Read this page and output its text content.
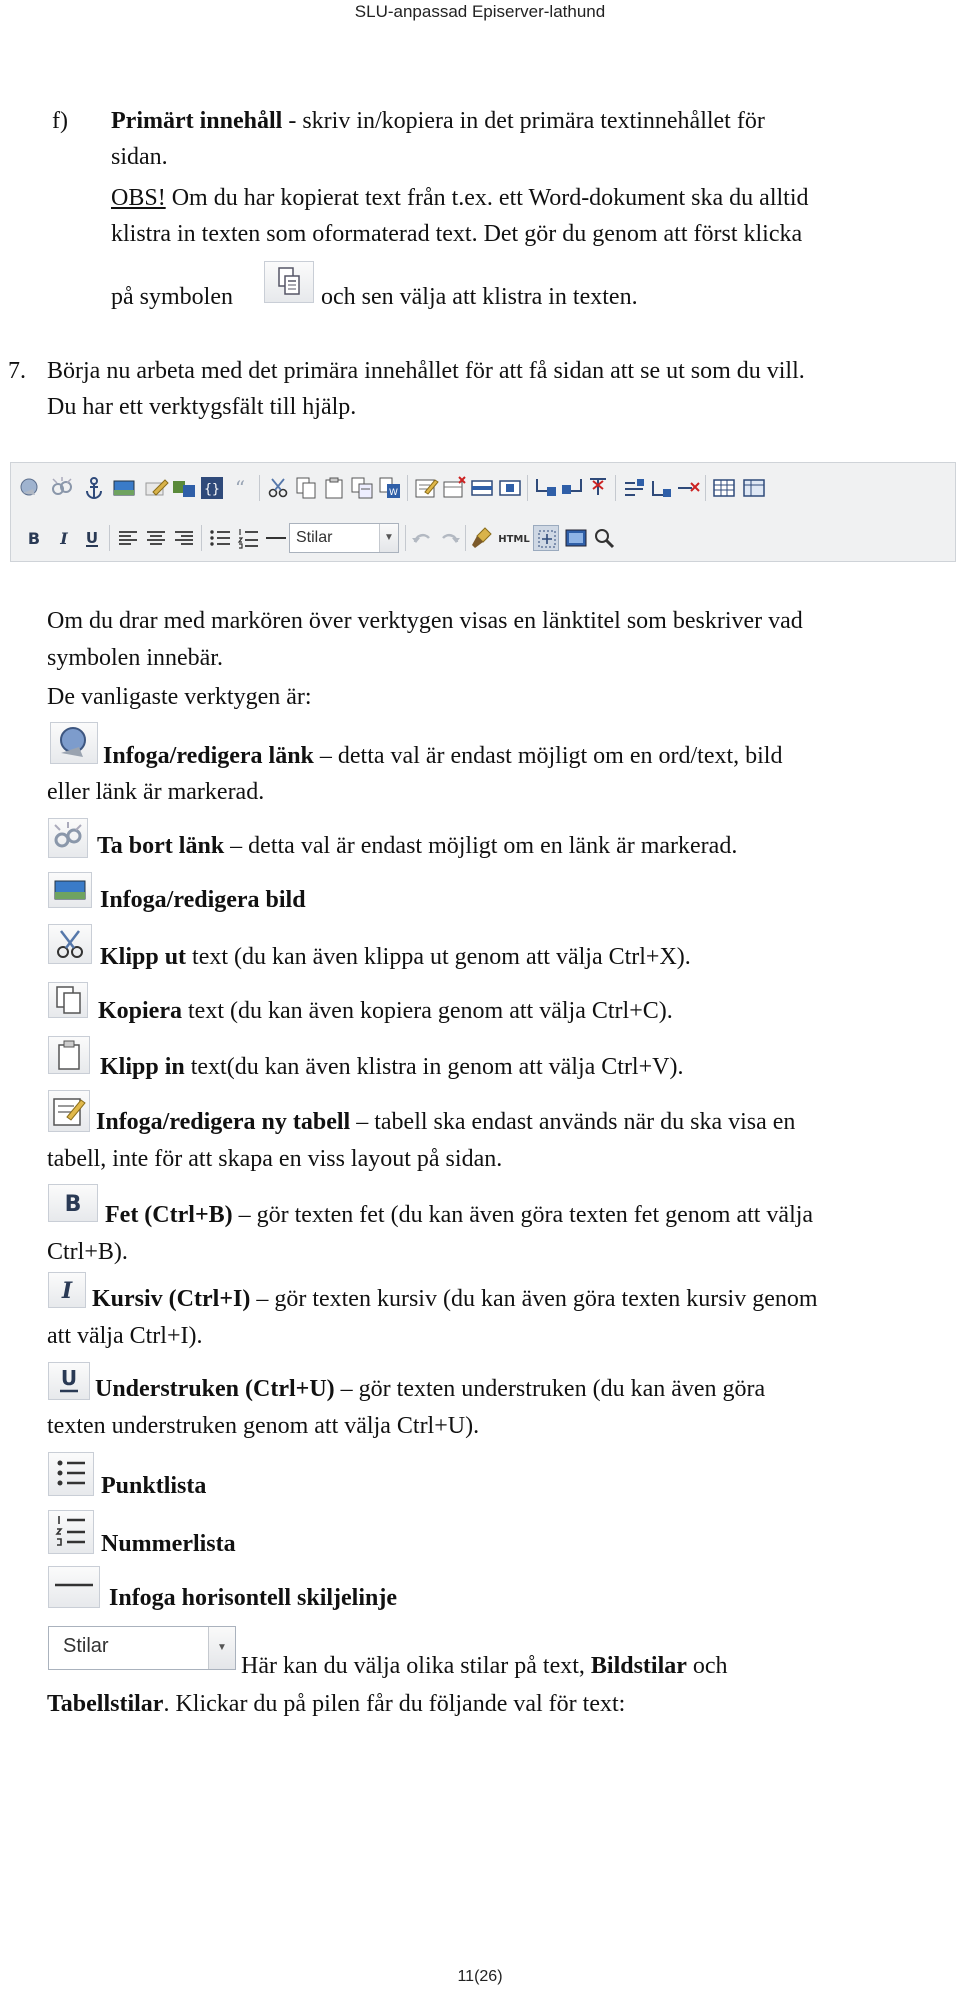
SLU-anpassad Episerver-lathund
f) Primärt innehåll - skriv in/kopiera in det primära textinnehållet för
sidan.
OBS! Om du har kopierat text från t.ex. ett Word-dokument ska du alltid
klistra in texten som oformaterad text. Det gör du genom att först klicka
på symbolen	och sen välja att klistra in texten.
7. Börja nu arbeta med det primära innehållet för att få sidan att se ut som du vill.
Du har ett verktygsfält till hjälp.
{} “	W
B I U	Stilar	▼	HTML
Om du drar med markören över verktygen visas en länktitel som beskriver vad
symbolen innebär.
De vanligaste verktygen är:
Infoga/redigera länk – detta val är endast möjligt om en ord/text, bild
eller länk är markerad.
Ta bort länk – detta val är endast möjligt om en länk är markerad.
Infoga/redigera bild
Klipp ut text (du kan även klippa ut genom att välja Ctrl+X).
Kopiera text (du kan även kopiera genom att välja Ctrl+C).
Klipp in text(du kan även klistra in genom att välja Ctrl+V).
Infoga/redigera ny tabell – tabell ska endast används när du ska visa en
tabell, inte för att skapa en viss layout på sidan.
B Fet (Ctrl+B) – gör texten fet (du kan även göra texten fet genom att välja
Ctrl+B).
I Kursiv (Ctrl+I) – gör texten kursiv (du kan även göra texten kursiv genom
att välja Ctrl+I).
U Understruken (Ctrl+U) – gör texten understruken (du kan även göra
texten understruken genom att välja Ctrl+U).
Punktlista
Nummerlista
Infoga horisontell skiljelinje
Stilar	▼
Här kan du välja olika stilar på text, Bildstilar och
Tabellstilar. Klickar du på pilen får du följande val för text:
11(26)
